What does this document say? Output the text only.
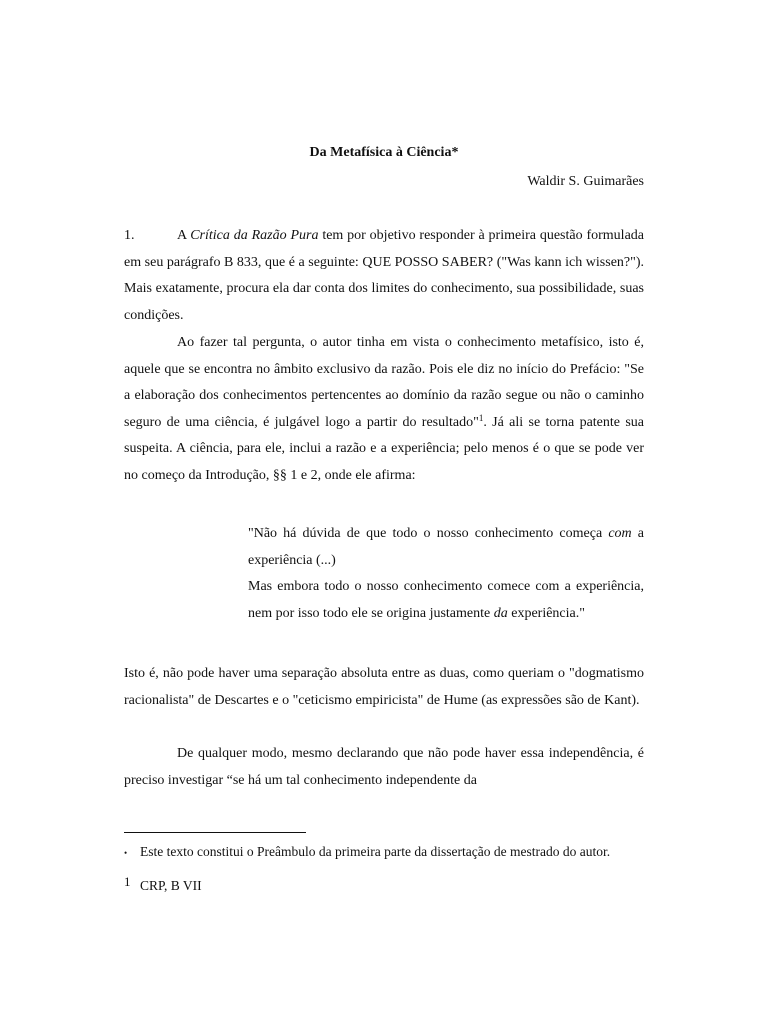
Da Metafísica à Ciência*
Waldir S. Guimarães
1.	A Crítica da Razão Pura tem por objetivo responder à primeira questão formulada em seu parágrafo B 833, que é a seguinte: QUE POSSO SABER? ("Was kann ich wissen?"). Mais exatamente, procura ela dar conta dos limites do conhecimento, sua possibilidade, suas condições.
Ao fazer tal pergunta, o autor tinha em vista o conhecimento metafísico, isto é, aquele que se encontra no âmbito exclusivo da razão. Pois ele diz no início do Prefácio: "Se a elaboração dos conhecimentos pertencentes ao domínio da razão segue ou não o caminho seguro de uma ciência, é julgável logo a partir do resultado"$^1$. Já ali se torna patente sua suspeita. A ciência, para ele, inclui a razão e a experiência; pelo menos é o que se pode ver no começo da Introdução, §§ 1 e 2, onde ele afirma:
"Não há dúvida de que todo o nosso conhecimento começa com a experiência (...)
Mas embora todo o nosso conhecimento comece com a experiência, nem por isso todo ele se origina justamente da experiência."
Isto é, não pode haver uma separação absoluta entre as duas, como queriam o "dogmatismo racionalista" de Descartes e o "ceticismo empiricista" de Hume (as expressões são de Kant).
De qualquer modo, mesmo declarando que não pode haver essa independência, é preciso investigar “se há um tal conhecimento independente da
• Este texto constitui o Preâmbulo da primeira parte da dissertação de mestrado do autor.
1 CRP, B VII
